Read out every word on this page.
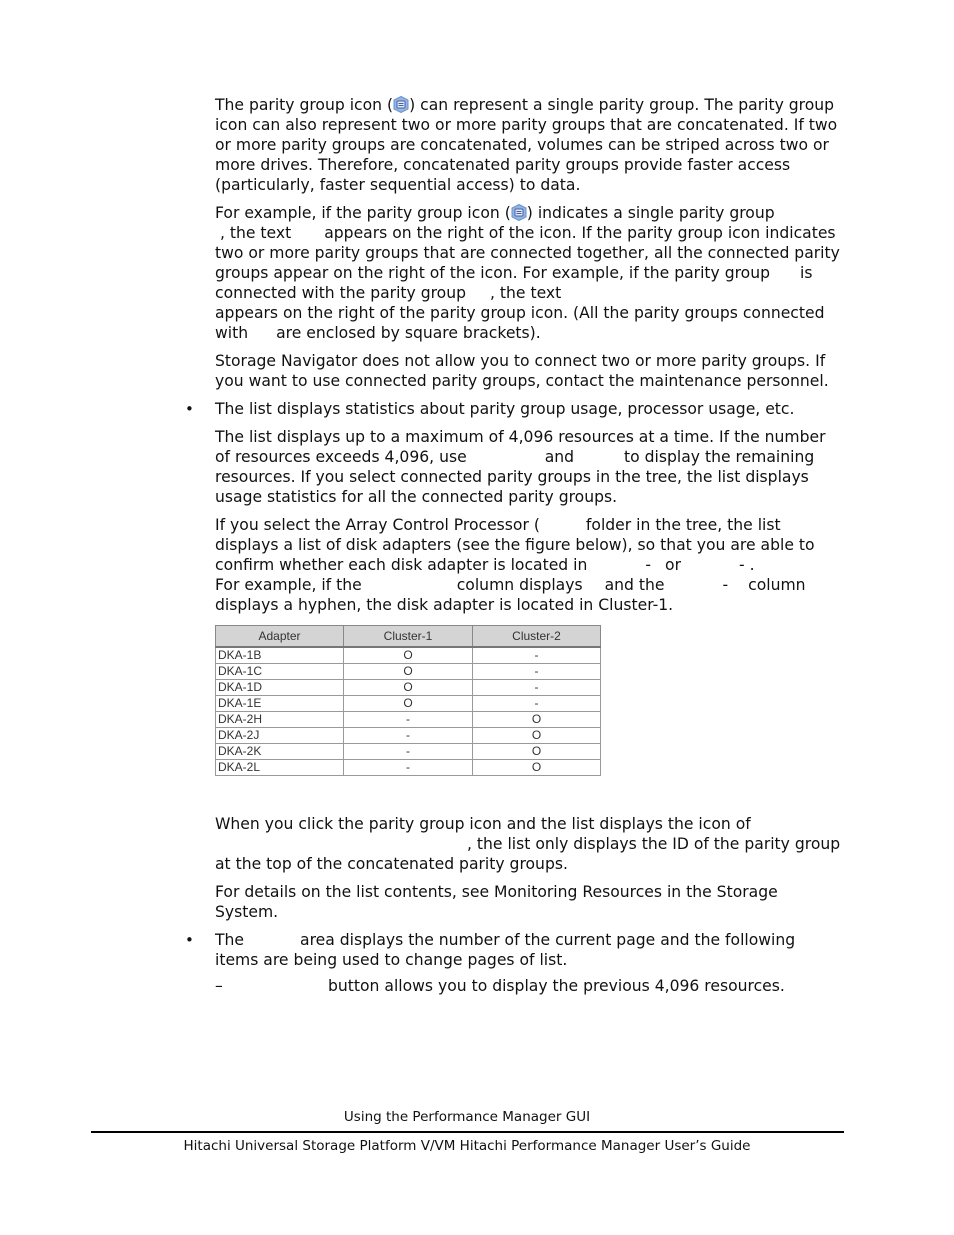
The parity group icon ( ) can represent a single parity group. The parity group icon can also represent two or more parity groups that are concatenated. If two or more parity groups are concatenated, volumes can be striped across two or more drives. Therefore, concatenated parity groups provide faster access (particularly, faster sequential access) to data.

For example, if the parity group icon ( ) indicates a single parity group
, the text appears on the right of the icon. If the parity group icon indicates two or more parity groups that are connected together, all the connected parity groups appear on the right of the icon. For example, if the parity group is connected with the parity group , the text
appears on the right of the parity group icon. (All the parity groups connected with are enclosed by square brackets).

Storage Navigator does not allow you to connect two or more parity groups. If you want to use connected parity groups, contact the maintenance personnel.

• The list displays statistics about parity group usage, processor usage, etc.

The list displays up to a maximum of 4,096 resources at a time. If the number of resources exceeds 4,096, use	and	to display the remaining resources. If you select connected parity groups in the tree, the list displays usage statistics for all the connected parity groups.

If you select the Array Control Processor (	folder in the tree, the list displays a list of disk adapters (see the figure below), so that you are able to confirm whether each disk adapter is located in	- or	- .
For example, if the	column displays and the	- column displays a hyphen, the disk adapter is located in Cluster-1.

Adapter	Cluster-1	Cluster-2
DKA-1B	O	-
DKA-1C	O	-
DKA-1D	O	-
DKA-1E	O	-
DKA-2H	-	O
DKA-2J	-	O
DKA-2K	-	O
DKA-2L	-	O

When you click the parity group icon and the list displays the icon of
, the list only displays the ID of the parity group at the top of the concatenated parity groups.

For details on the list contents, see Monitoring Resources in the Storage System.

• The	area displays the number of the current page and the following items are being used to change pages of list.

–	button allows you to display the previous 4,096 resources.

Using the Performance Manager GUI
Hitachi Universal Storage Platform V/VM Hitachi Performance Manager User’s Guide
